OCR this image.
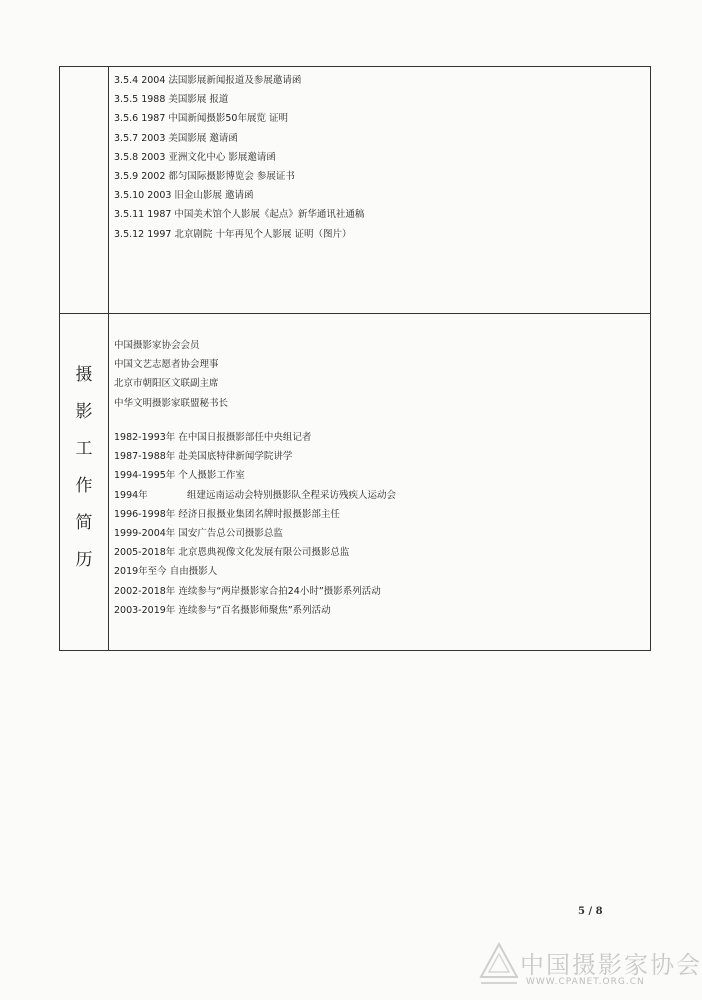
3.5.4 2004 法国影展新闻报道及参展邀请函
3.5.5 1988 美国影展 报道
3.5.6 1987 中国新闻摄影50年展览 证明
3.5.7 2003 美国影展 邀请函
3.5.8 2003 亚洲文化中心 影展邀请函
3.5.9 2002 都匀国际摄影博览会 参展证书
3.5.10 2003 旧金山影展 邀请函
3.5.11 1987 中国美术馆个人影展《起点》新华通讯社通稿
3.5.12 1997 北京剧院 十年再见个人影展 证明（图片）
摄
影
工
作
简
历
中国摄影家协会会员
中国文艺志愿者协会理事
北京市朝阳区文联副主席
中华文明摄影家联盟秘书长
1982-1993年 在中国日报摄影部任中央组记者
1987-1988年 赴美国底特律新闻学院讲学
1994-1995年 个人摄影工作室
1994年	组建远南运动会特别摄影队全程采访残疾人运动会
1996-1998年 经济日报摄业集团名牌时报摄影部主任
1999-2004年 国安广告总公司摄影总监
2005-2018年 北京恩典视像文化发展有限公司摄影总监
2019年至今 自由摄影人
2002-2018年 连续参与“两岸摄影家合拍24小时”摄影系列活动
2003-2019年 连续参与“百名摄影师聚焦”系列活动
5 / 8
中国摄影家协会
WWW.CPANET.ORG.CN
